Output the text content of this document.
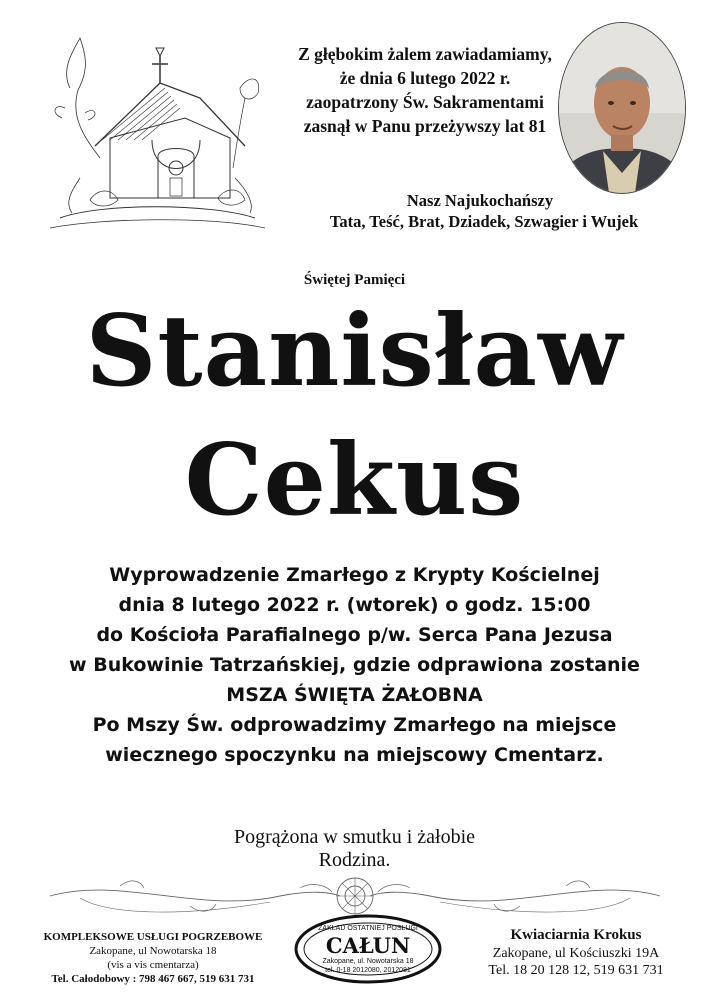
Z głębokim żalem zawiadamiamy,
że dnia 6 lutego 2022 r.
zaopatrzony Św. Sakramentami
zasnął w Panu przeżywszy lat 81
Nasz Najukochańszy
Tata, Teść, Brat, Dziadek, Szwagier i Wujek
Świętej Pamięci
Stanisław
Cekus
Wyprowadzenie Zmarłego z Krypty Kościelnej
dnia 8 lutego 2022 r. (wtorek) o godz. 15:00
do Kościoła Parafialnego p/w. Serca Pana Jezusa
w Bukowinie Tatrzańskiej, gdzie odprawiona zostanie
MSZA ŚWIĘTA ŻAŁOBNA
Po Mszy Św. odprowadzimy Zmarłego na miejsce
wiecznego spoczynku na miejscowy Cmentarz.
Pogrążona w smutku i żałobie
Rodzina.
KOMPLEKSOWE USŁUGI POGRZEBOWE
Zakopane, ul Nowotarska 18
(vis a vis cmentarza)
Tel. Całodobowy : 798 467 667, 519 631 731
ZAKŁAD OSTATNIEJ POSŁUGI
CAŁUN
Zakopane, ul. Nowotarska 18
tel. 0-18 2012080, 2012081
Kwiaciarnia Krokus
Zakopane, ul Kościuszki 19A
Tel. 18 20 128 12, 519 631 731
